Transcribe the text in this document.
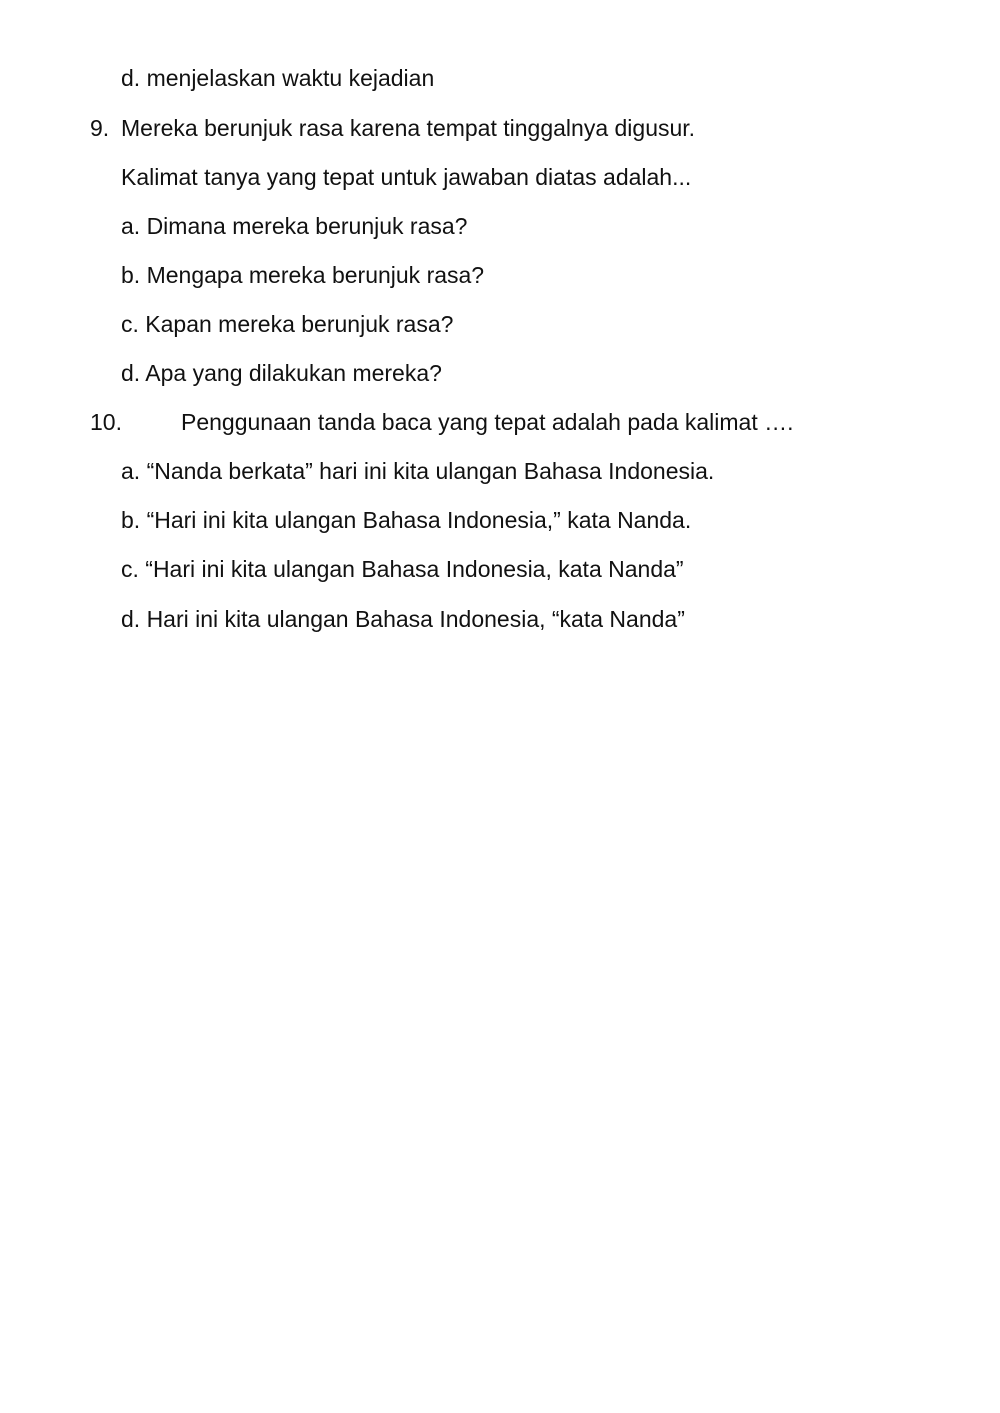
d. menjelaskan waktu kejadian
9. Mereka berunjuk rasa karena tempat tinggalnya digusur.
Kalimat tanya yang tepat untuk jawaban diatas adalah...
a. Dimana mereka berunjuk rasa?
b. Mengapa mereka berunjuk rasa?
c. Kapan mereka berunjuk rasa?
d. Apa yang dilakukan mereka?
10.	Penggunaan tanda baca yang tepat adalah pada kalimat ….
a. “Nanda berkata” hari ini kita ulangan Bahasa Indonesia.
b. “Hari ini kita ulangan Bahasa Indonesia,” kata Nanda.
c. “Hari ini kita ulangan Bahasa Indonesia, kata Nanda”
d. Hari ini kita ulangan Bahasa Indonesia, “kata Nanda”
